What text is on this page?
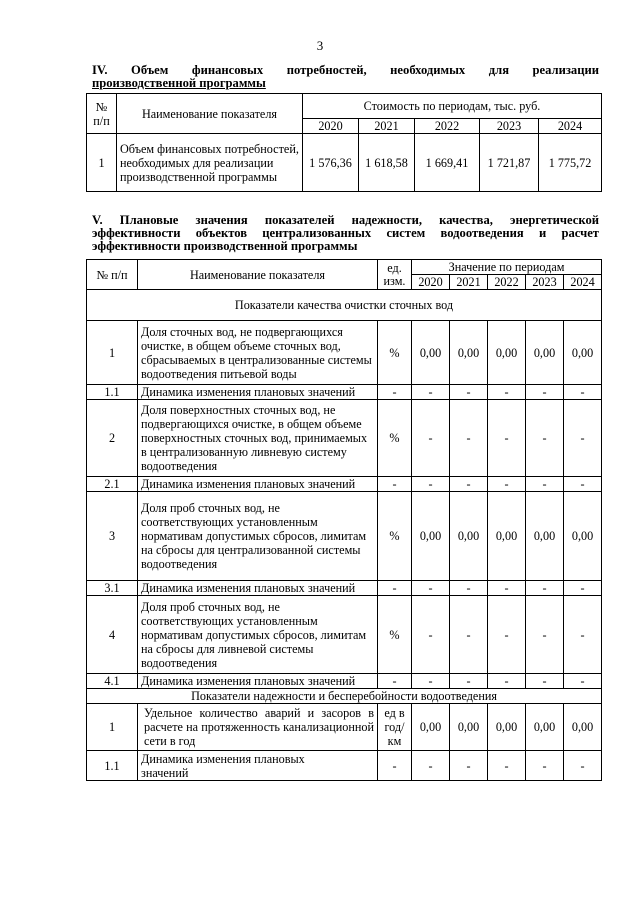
3
IV. Объем финансовых потребностей, необходимых для реализации
производственной программы
№ п/п	Наименование показателя	Стоимость по периодам, тыс. руб.				
		2020	2021	2022	2023	2024
1	Объем финансовых потребностей, необходимых для реализации производственной программы	1 576,36	1 618,58	1 669,41	1 721,87	1 775,72
V. Плановые значения показателей надежности, качества, энергетической эффективности объектов централизованных систем водоотведения и расчет эффективности производственной программы
№ п/п	Наименование показателя	ед. изм.	Значение по периодам				
			2020	2021	2022	2023	2024
Показатели качества очистки сточных вод							
1	Доля сточных вод, не подвергающихся очистке, в общем объеме сточных вод, сбрасываемых в централизованные системы водоотведения питьевой воды	%	0,00	0,00	0,00	0,00	0,00
1.1	Динамика изменения плановых значений	-	-	-	-	-	-
2	Доля поверхностных сточных вод, не подвергающихся очистке, в общем объеме поверхностных сточных вод, принимаемых в централизованную ливневую систему водоотведения	%	-	-	-	-	-
2.1	Динамика изменения плановых значений	-	-	-	-	-	-
3	Доля проб сточных вод, не соответствующих установленным нормативам допустимых сбросов, лимитам на сбросы для централизованной системы водоотведения	%	0,00	0,00	0,00	0,00	0,00
3.1	Динамика изменения плановых значений	-	-	-	-	-	-
4	Доля проб сточных вод, не соответствующих установленным нормативам допустимых сбросов, лимитам на сбросы для ливневой системы водоотведения	%	-	-	-	-	-
4.1	Динамика изменения плановых значений	-	-	-	-	-	-
Показатели надежности и бесперебойности водоотведения							
1	Удельное количество аварий и засоров в расчете на протяженность канализационной сети в год	ед в год/ км	0,00	0,00	0,00	0,00	0,00
1.1	Динамика изменения плановых значений	-	-	-	-	-	-
